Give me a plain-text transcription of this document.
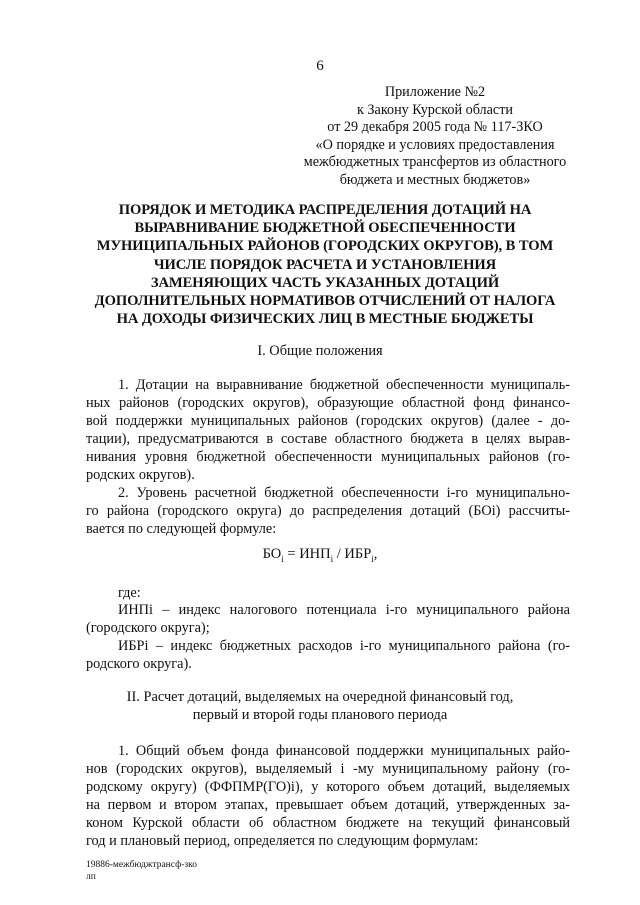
6
Приложение №2
к Закону Курской области
от 29 декабря 2005 года № 117-ЗКО
«О порядке и условиях предоставления
межбюджетных трансфертов из областного
бюджета и местных бюджетов»
ПОРЯДОК И МЕТОДИКА РАСПРЕДЕЛЕНИЯ ДОТАЦИЙ НА
ВЫРАВНИВАНИЕ БЮДЖЕТНОЙ ОБЕСПЕЧЕННОСТИ
МУНИЦИПАЛЬНЫХ РАЙОНОВ (ГОРОДСКИХ ОКРУГОВ), В ТОМ
ЧИСЛЕ ПОРЯДОК РАСЧЕТА И УСТАНОВЛЕНИЯ
ЗАМЕНЯЮЩИХ ЧАСТЬ УКАЗАННЫХ ДОТАЦИЙ
ДОПОЛНИТЕЛЬНЫХ НОРМАТИВОВ ОТЧИСЛЕНИЙ ОТ НАЛОГА
НА ДОХОДЫ ФИЗИЧЕСКИХ ЛИЦ В МЕСТНЫЕ БЮДЖЕТЫ
I. Общие положения
1. Дотации на выравнивание бюджетной обеспеченности муниципаль-
ных районов (городских округов), образующие областной фонд финансо-
вой поддержки муниципальных районов (городских округов) (далее - до-
тации), предусматриваются в составе областного бюджета в целях вырав-
нивания уровня бюджетной обеспеченности муниципальных районов (го-
родских округов).
2. Уровень расчетной бюджетной обеспеченности i-го муниципально-
го района (городского округа) до распределения дотаций (БОi) рассчиты-
вается по следующей формуле:
$БО_i = ИНП_i / ИБР_i$,
где:
ИНПi – индекс налогового потенциала i-го муниципального района
(городского округа);
ИБРi – индекс бюджетных расходов i-го муниципального района (го-
родского округа).
II. Расчет дотаций, выделяемых на очередной финансовый год,
первый и второй годы планового периода
1. Общий объем фонда финансовой поддержки муниципальных райо-
нов (городских округов), выделяемый i -му муниципальному району (го-
родскому округу) (ФФПМР(ГО)i), у которого объем дотаций, выделяемых
на первом и втором этапах, превышает объем дотаций, утвержденных за-
коном Курской области об областном бюджете на текущий финансовый
год и плановый период, определяется по следующим формулам:
19886-межбюджтрансф-зко
лп
